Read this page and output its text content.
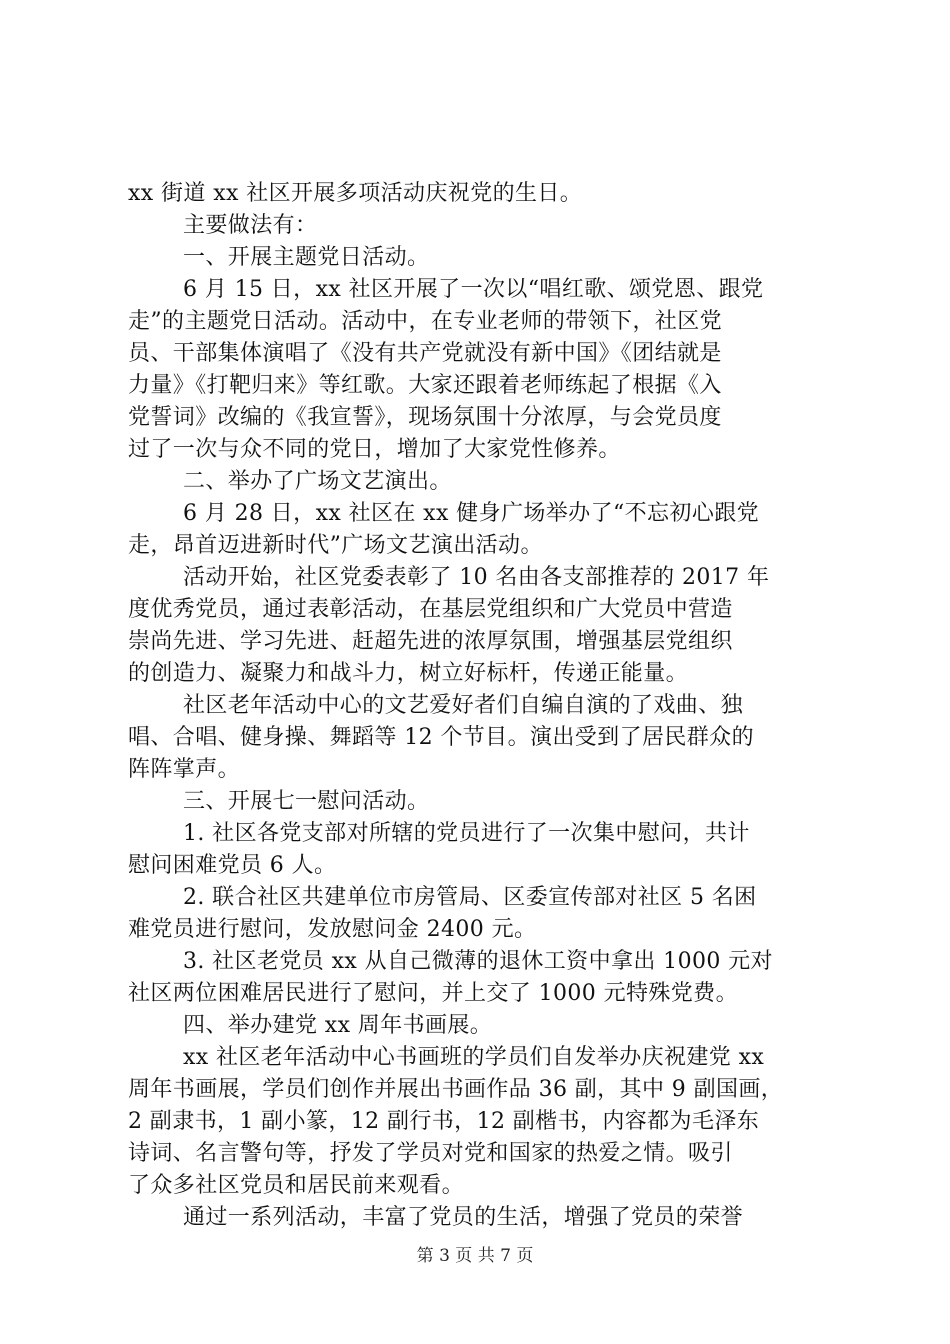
xx 街道 xx 社区开展多项活动庆祝党的生日。
主要做法有：
一、开展主题党日活动。
6 月 15 日，xx 社区开展了一次以“唱红歌、颂党恩、跟党
走”的主题党日活动。活动中，在专业老师的带领下，社区党
员、干部集体演唱了《没有共产党就没有新中国》《团结就是
力量》《打靶归来》等红歌。大家还跟着老师练起了根据《入
党誓词》改编的《我宣誓》，现场氛围十分浓厚，与会党员度
过了一次与众不同的党日，增加了大家党性修养。
二、举办了广场文艺演出。
6 月 28 日，xx 社区在 xx 健身广场举办了“不忘初心跟党
走，昂首迈进新时代”广场文艺演出活动。
活动开始，社区党委表彰了 10 名由各支部推荐的 2017 年
度优秀党员，通过表彰活动，在基层党组织和广大党员中营造
崇尚先进、学习先进、赶超先进的浓厚氛围，增强基层党组织
的创造力、凝聚力和战斗力，树立好标杆，传递正能量。
社区老年活动中心的文艺爱好者们自编自演的了戏曲、独
唱、合唱、健身操、舞蹈等 12 个节目。演出受到了居民群众的
阵阵掌声。
三、开展七一慰问活动。
1. 社区各党支部对所辖的党员进行了一次集中慰问，共计
慰问困难党员 6 人。
2. 联合社区共建单位市房管局、区委宣传部对社区 5 名困
难党员进行慰问，发放慰问金 2400 元。
3. 社区老党员 xx 从自己微薄的退休工资中拿出 1000 元对
社区两位困难居民进行了慰问，并上交了 1000 元特殊党费。
四、举办建党 xx 周年书画展。
xx 社区老年活动中心书画班的学员们自发举办庆祝建党 xx
周年书画展，学员们创作并展出书画作品 36 副，其中 9 副国画，
2 副隶书，1 副小篆，12 副行书，12 副楷书，内容都为毛泽东
诗词、名言警句等，抒发了学员对党和国家的热爱之情。吸引
了众多社区党员和居民前来观看。
通过一系列活动，丰富了党员的生活，增强了党员的荣誉
第 3 页 共 7 页
